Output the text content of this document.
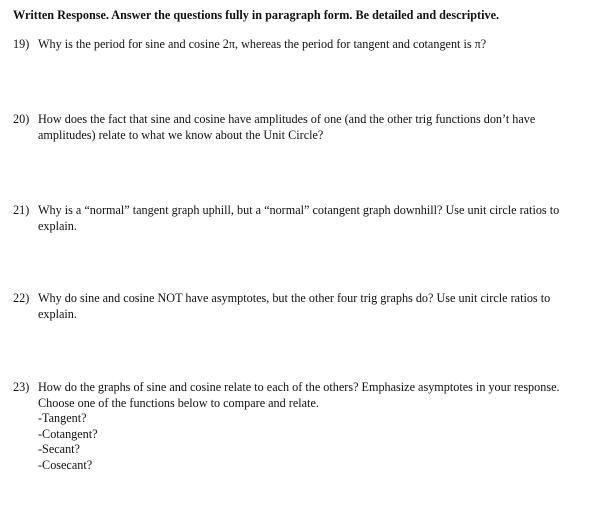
Written Response. Answer the questions fully in paragraph form. Be detailed and descriptive.
19) Why is the period for sine and cosine 2π, whereas the period for tangent and cotangent is π?
20) How does the fact that sine and cosine have amplitudes of one (and the other trig functions don’t have
amplitudes) relate to what we know about the Unit Circle?
21) Why is a “normal” tangent graph uphill, but a “normal” cotangent graph downhill? Use unit circle ratios to
explain.
22) Why do sine and cosine NOT have asymptotes, but the other four trig graphs do? Use unit circle ratios to
explain.
23) How do the graphs of sine and cosine relate to each of the others? Emphasize asymptotes in your response.
Choose one of the functions below to compare and relate.
-Tangent?
-Cotangent?
-Secant?
-Cosecant?
